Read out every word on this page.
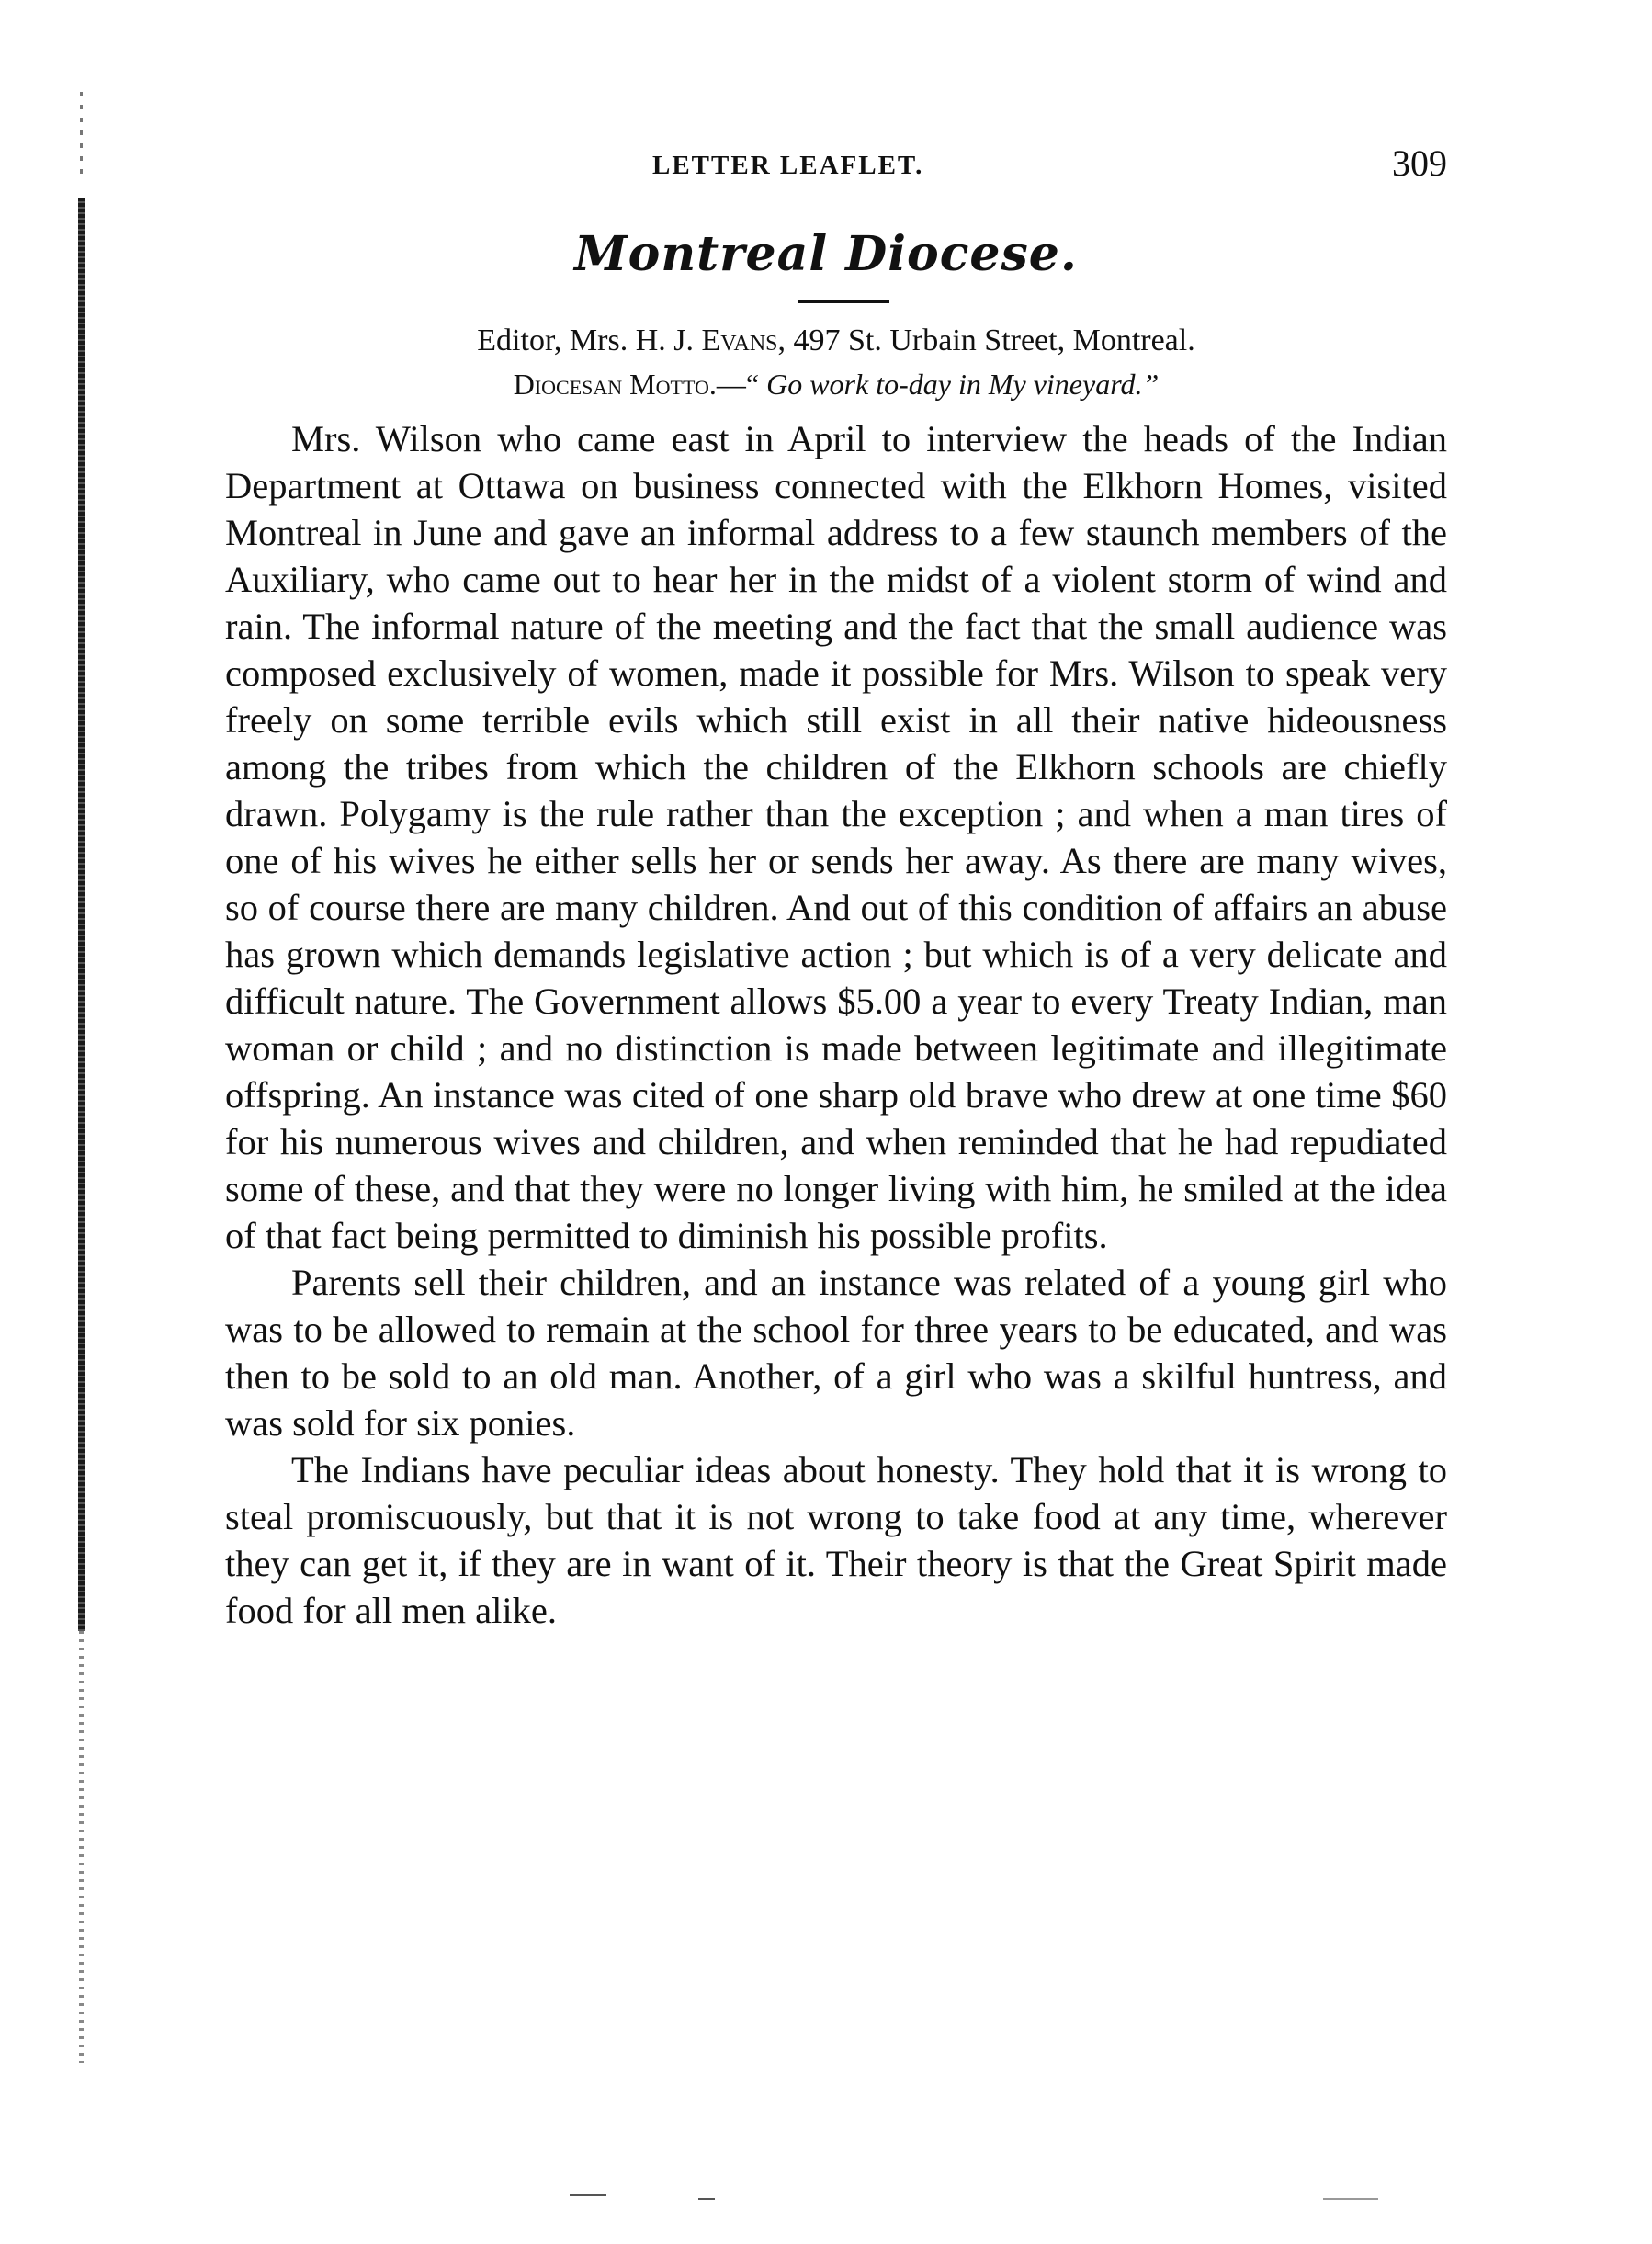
LETTER LEAFLET.	309
Montreal Diocese.
Editor, Mrs. H. J. Evans, 497 St. Urbain Street, Montreal.
Diocesan Motto.—“ Go work to-day in My vineyard.”

Mrs. Wilson who came east in April to interview the heads of the Indian Department at Ottawa on business connected with the Elkhorn Homes, visited Montreal in June and gave an informal address to a few staunch members of the Auxiliary, who came out to hear her in the midst of a violent storm of wind and rain. The informal nature of the meeting and the fact that the small audience was composed exclusively of women, made it possible for Mrs. Wilson to speak very freely on some terrible evils which still exist in all their native hideousness among the tribes from which the children of the Elkhorn schools are chiefly drawn. Polygamy is the rule rather than the exception ; and when a man tires of one of his wives he either sells her or sends her away. As there are many wives, so of course there are many children. And out of this condition of affairs an abuse has grown which demands legislative action ; but which is of a very delicate and difficult nature. The Government allows $5.00 a year to every Treaty Indian, man woman or child ; and no distinction is made between legitimate and illegitimate offspring. An instance was cited of one sharp old brave who drew at one time $60 for his numerous wives and children, and when reminded that he had repudiated some of these, and that they were no longer living with him, he smiled at the idea of that fact being permitted to diminish his possible profits.

Parents sell their children, and an instance was related of a young girl who was to be allowed to remain at the school for three years to be educated, and was then to be sold to an old man. Another, of a girl who was a skilful huntress, and was sold for six ponies.

The Indians have peculiar ideas about honesty. They hold that it is wrong to steal promiscuously, but that it is not wrong to take food at any time, wherever they can get it, if they are in want of it. Their theory is that the Great Spirit made food for all men alike.
